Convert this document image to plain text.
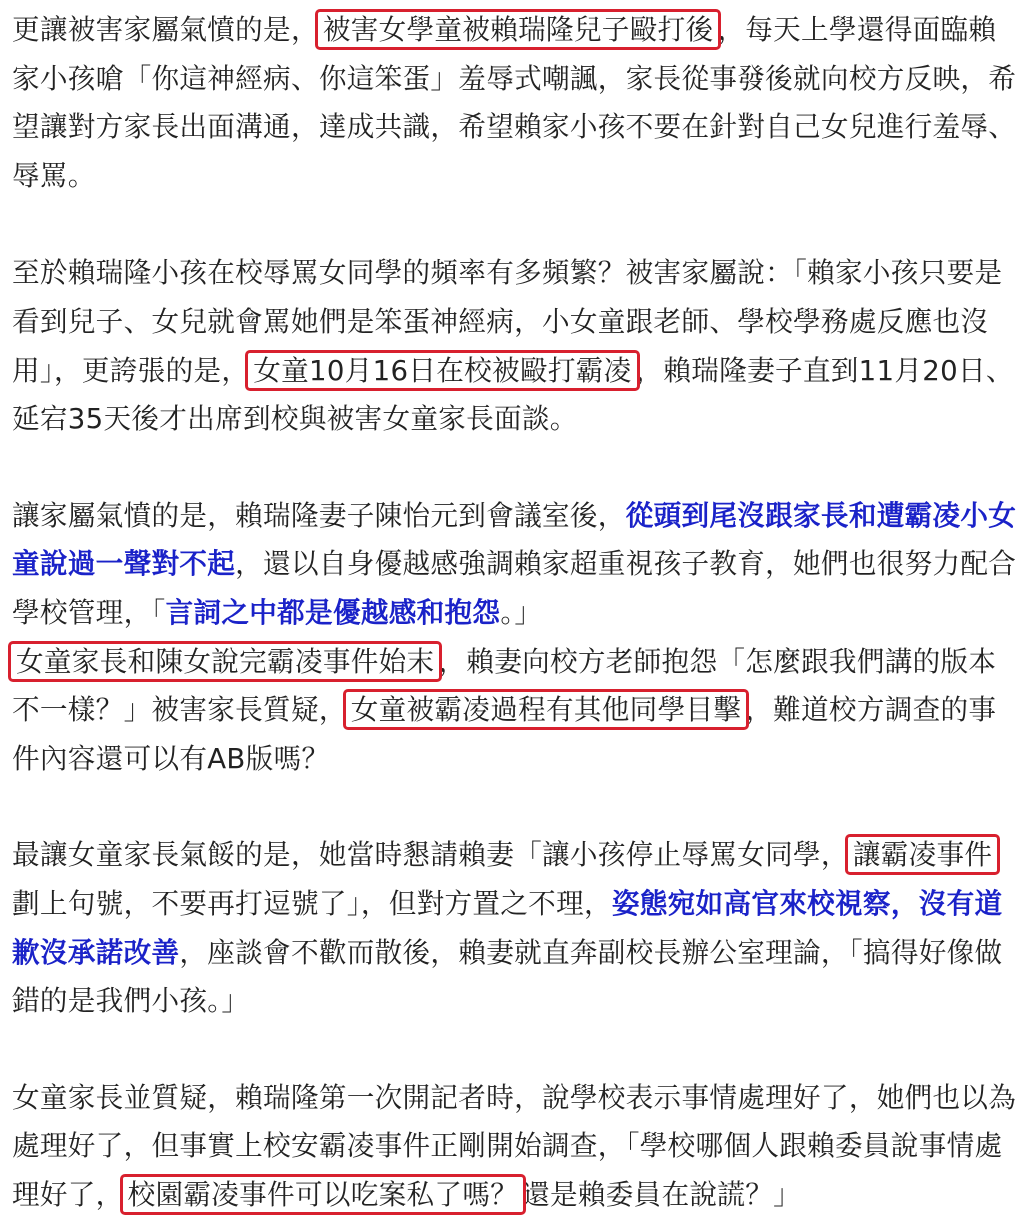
更讓被害家屬氣憤的是， 被害女學童被賴瑞隆兒子毆打後 ，每天上學還得面臨賴家小孩嗆「你這神經病、你這笨蛋」羞辱式嘲諷，家長從事發後就向校方反映，希望讓對方家長出面溝通，達成共識，希望賴家小孩不要在針對自己女兒進行羞辱、辱罵。

至於賴瑞隆小孩在校辱罵女同學的頻率有多頻繁？被害家屬說：「賴家小孩只要是看到兒子、女兒就會罵她們是笨蛋神經病，小女童跟老師、學校學務處反應也沒用」，更誇張的是， 女童10月16日在校被毆打霸凌 ，賴瑞隆妻子直到11月20日、延宕35天後才出席到校與被害女童家長面談。

讓家屬氣憤的是，賴瑞隆妻子陳怡元到會議室後，從頭到尾沒跟家長和遭霸凌小女童說過一聲對不起，還以自身優越感強調賴家超重視孩子教育，她們也很努力配合學校管理，「言詞之中都是優越感和抱怨。」

女童家長和陳女說完霸凌事件始末 ，賴妻向校方老師抱怨「怎麼跟我們講的版本不一樣？」被害家長質疑， 女童被霸凌過程有其他同學目擊 ，難道校方調查的事件內容還可以有AB版嗎？

最讓女童家長氣餒的是，她當時懇請賴妻「讓小孩停止辱罵女同學， 讓霸凌事件劃上句號，不要再打逗號了」，但對方置之不理，姿態宛如高官來校視察，沒有道歉沒承諾改善，座談會不歡而散後，賴妻就直奔副校長辦公室理論，「搞得好像做錯的是我們小孩。」

女童家長並質疑，賴瑞隆第一次開記者時，說學校表示事情處理好了，她們也以為處理好了，但事實上校安霸凌事件正剛開始調查，「學校哪個人跟賴委員說事情處理好了， 校園霸凌事件可以吃案私了嗎？ 還是賴委員在說謊？」
